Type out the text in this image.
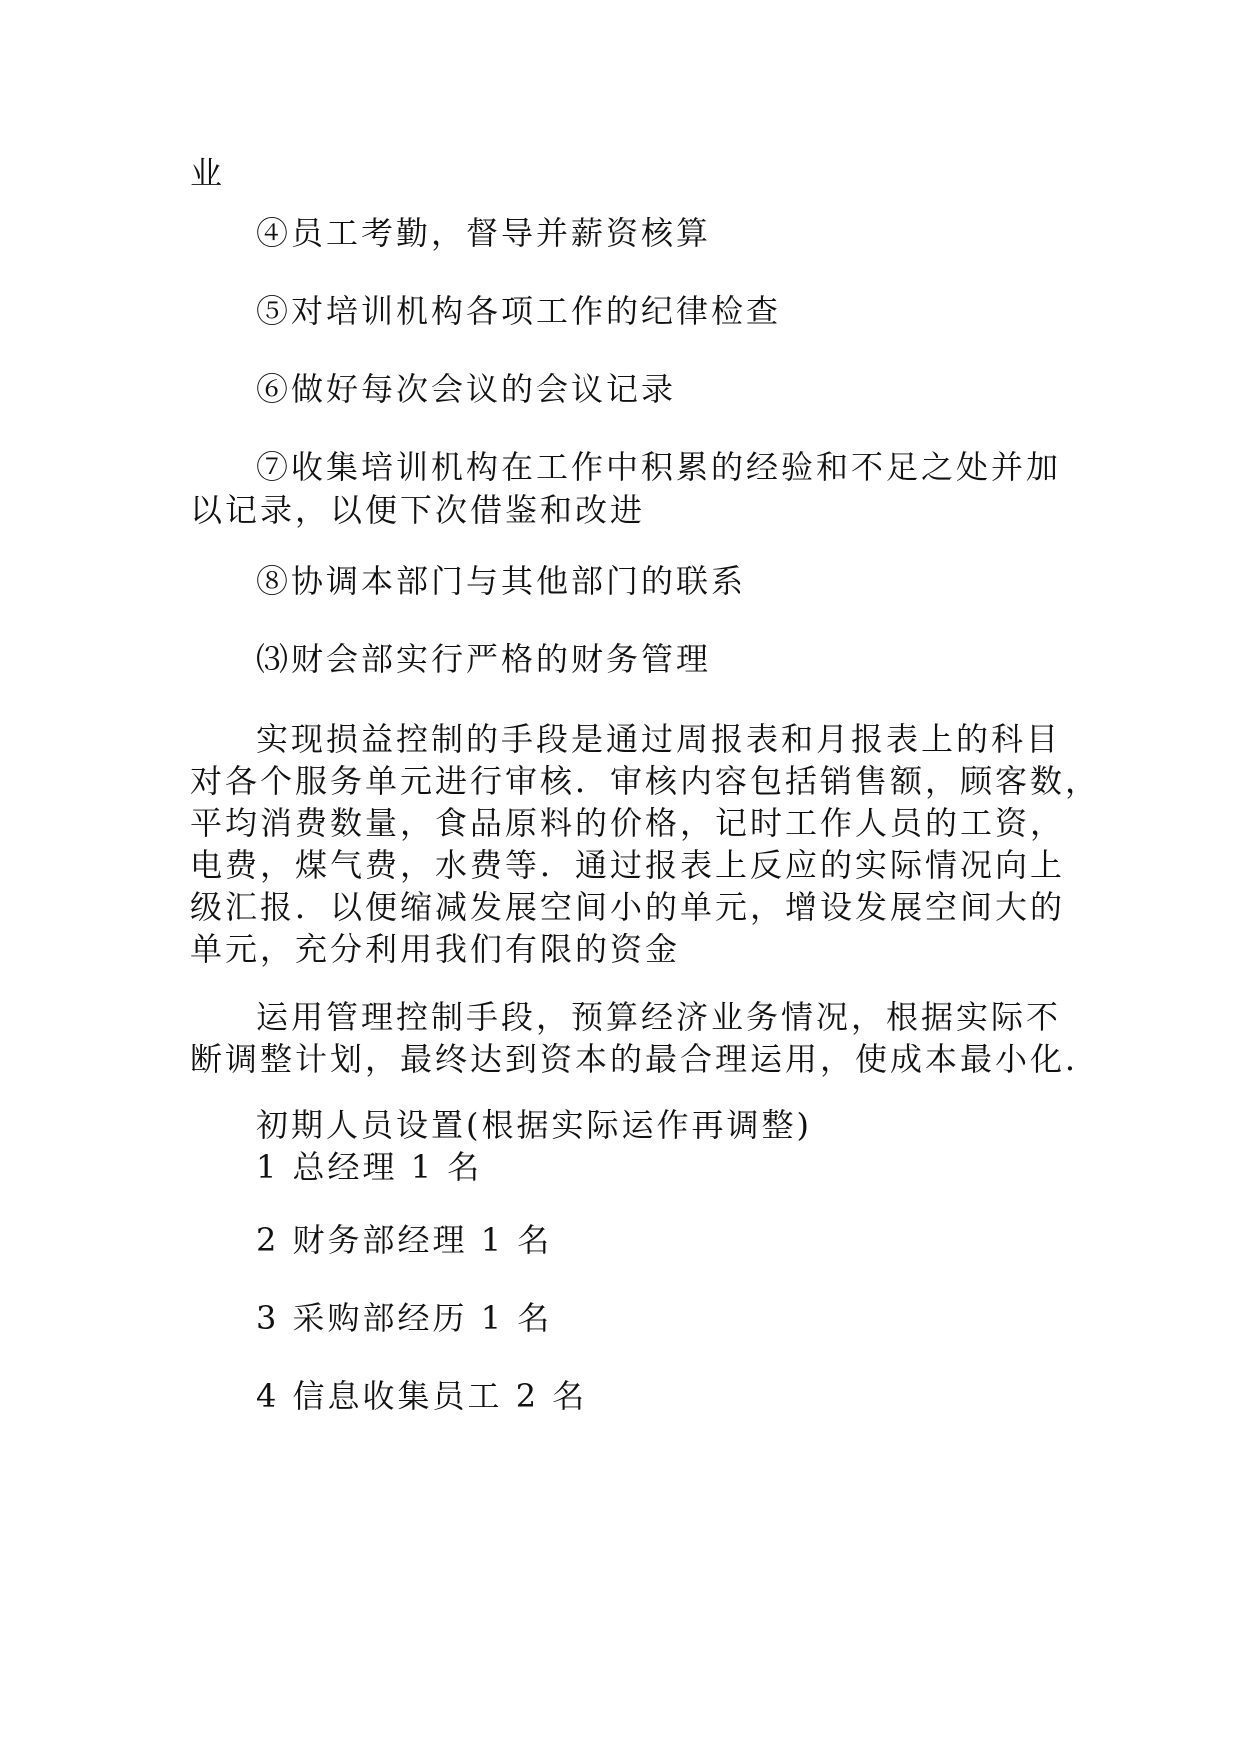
业

④员工考勤，督导并薪资核算

⑤对培训机构各项工作的纪律检查

⑥做好每次会议的会议记录

⑦收集培训机构在工作中积累的经验和不足之处并加

以记录，以便下次借鉴和改进

⑧协调本部门与其他部门的联系

⑶财会部实行严格的财务管理

实现损益控制的手段是通过周报表和月报表上的科目

对各个服务单元进行审核．审核内容包括销售额，顾客数，

平均消费数量，食品原料的价格，记时工作人员的工资，

电费，煤气费，水费等．通过报表上反应的实际情况向上

级汇报．以便缩减发展空间小的单元，增设发展空间大的

单元，充分利用我们有限的资金

运用管理控制手段，预算经济业务情况，根据实际不

断调整计划，最终达到资本的最合理运用，使成本最小化．

初期人员设置(根据实际运作再调整)

1 总经理 1 名

2 财务部经理 1 名

3 采购部经历 1 名

4 信息收集员工 2 名
